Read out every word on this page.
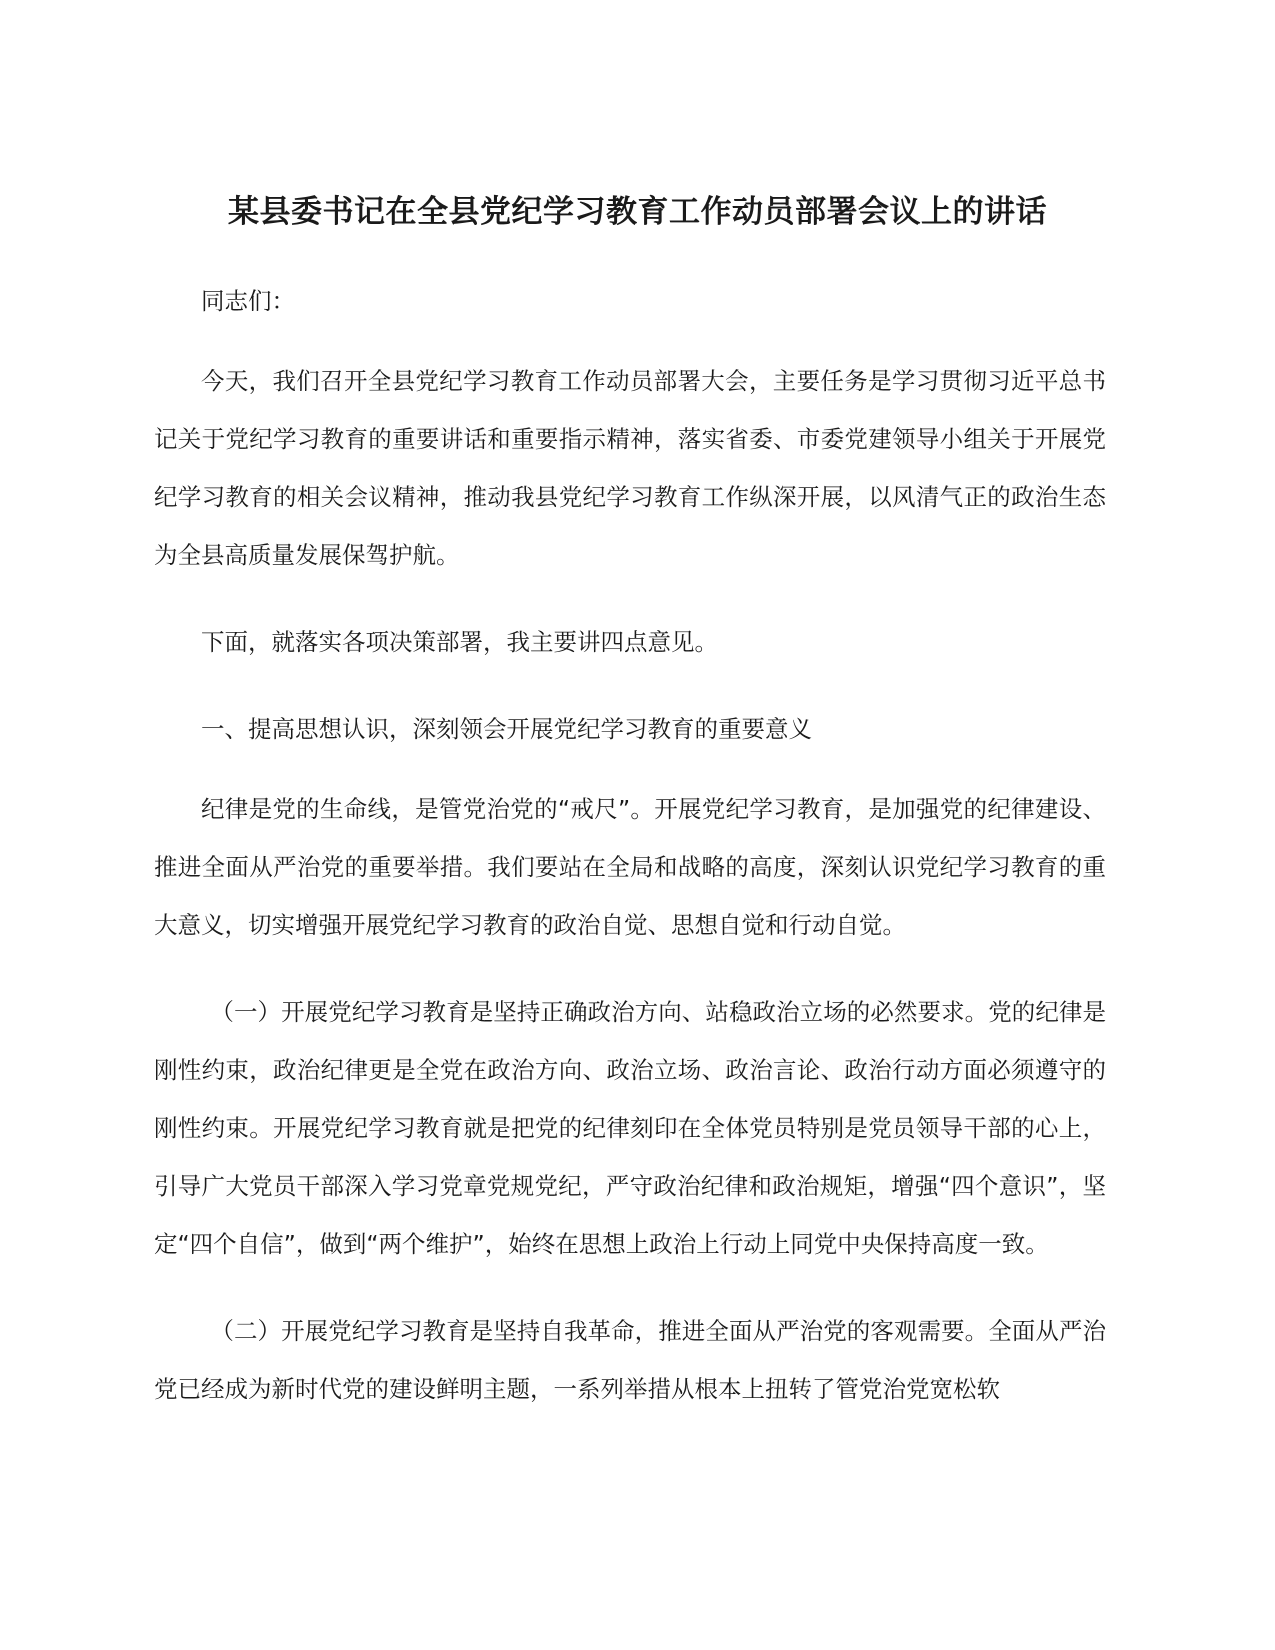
某县委书记在全县党纪学习教育工作动员部署会议上的讲话

同志们：

今天，我们召开全县党纪学习教育工作动员部署大会，主要任务是学习贯彻习近平总书记关于党纪学习教育的重要讲话和重要指示精神，落实省委、市委党建领导小组关于开展党纪学习教育的相关会议精神，推动我县党纪学习教育工作纵深开展，以风清气正的政治生态为全县高质量发展保驾护航。

下面，就落实各项决策部署，我主要讲四点意见。

一、提高思想认识，深刻领会开展党纪学习教育的重要意义

纪律是党的生命线，是管党治党的“戒尺”。开展党纪学习教育，是加强党的纪律建设、推进全面从严治党的重要举措。我们要站在全局和战略的高度，深刻认识党纪学习教育的重大意义，切实增强开展党纪学习教育的政治自觉、思想自觉和行动自觉。

（一）开展党纪学习教育是坚持正确政治方向、站稳政治立场的必然要求。党的纪律是刚性约束，政治纪律更是全党在政治方向、政治立场、政治言论、政治行动方面必须遵守的刚性约束。开展党纪学习教育就是把党的纪律刻印在全体党员特别是党员领导干部的心上，引导广大党员干部深入学习党章党规党纪，严守政治纪律和政治规矩，增强“四个意识”，坚定“四个自信”，做到“两个维护”，始终在思想上政治上行动上同党中央保持高度一致。

（二）开展党纪学习教育是坚持自我革命，推进全面从严治党的客观需要。全面从严治党已经成为新时代党的建设鲜明主题，一系列举措从根本上扭转了管党治党宽松软
